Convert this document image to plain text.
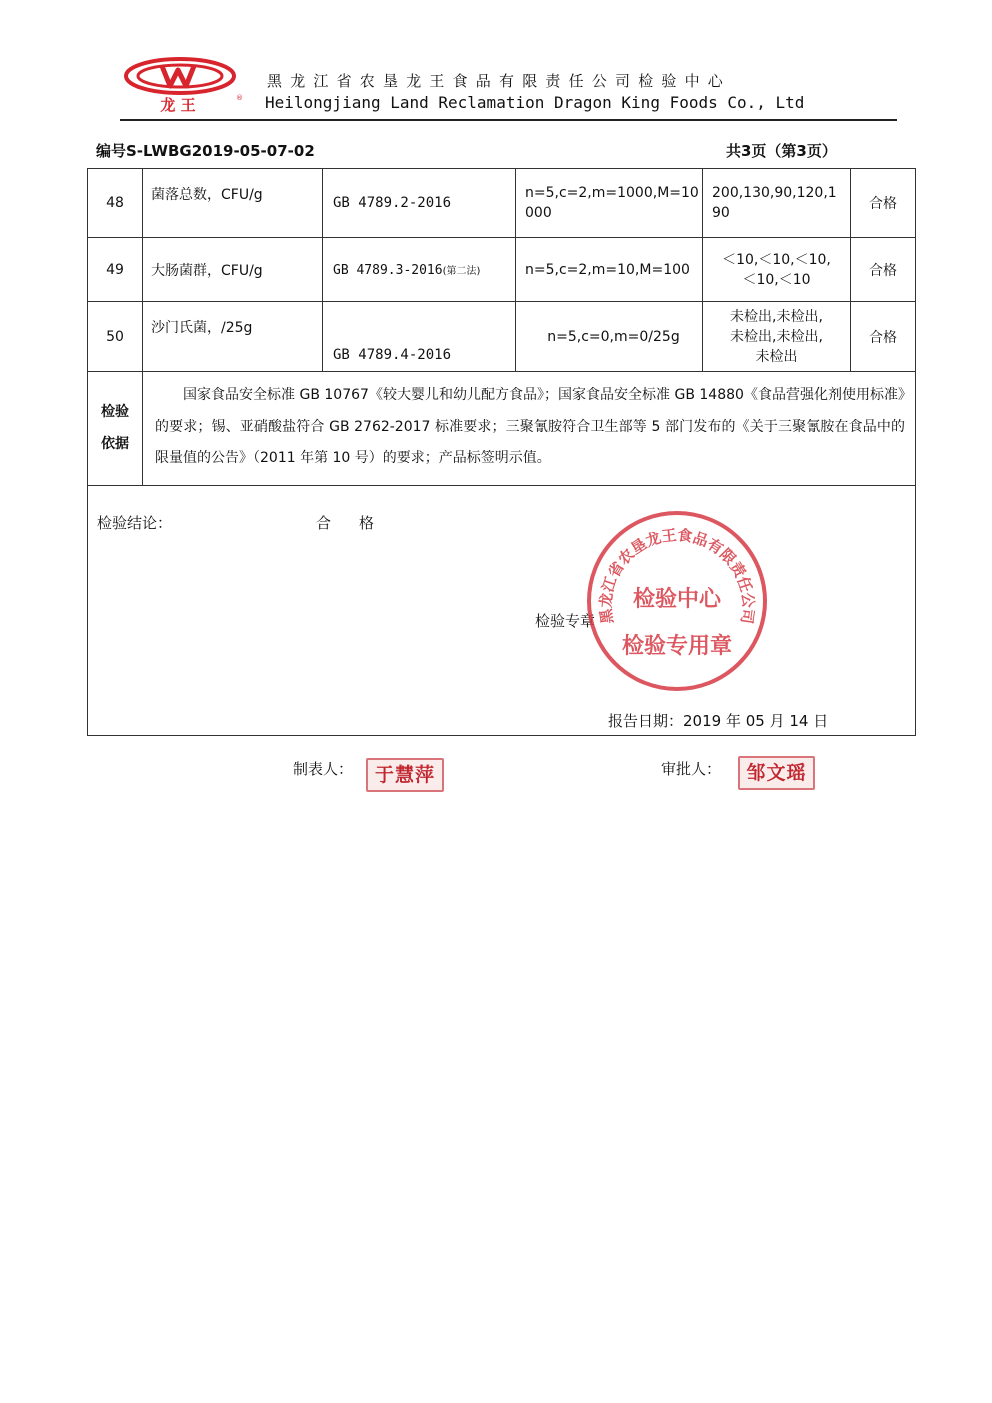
龙 王	®
黑龙江省农垦龙王食品有限责任公司检验中心
Heilongjiang Land Reclamation Dragon King Foods Co., Ltd
编号S-LWBG2019-05-07-02	共3页（第3页）
48	菌落总数，CFU/g	GB 4789.2-2016	n=5,c=2,m=1000,M=10000	200,130,90,120,190	合格
49	大肠菌群，CFU/g	GB 4789.3-2016(第二法)	n=5,c=2,m=10,M=100	＜10,＜10,＜10,＜10,＜10	合格
50	沙门氏菌，/25g	GB 4789.4-2016	n=5,c=0,m=0/25g	未检出,未检出,未检出,未检出,未检出	合格
检验依据	国家食品安全标准 GB 10767《较大婴儿和幼儿配方食品》；国家食品安全标准 GB 14880《食品营强化剂使用标准》的要求；锡、亚硝酸盐符合 GB 2762-2017 标准要求；三聚氰胺符合卫生部等 5 部门发布的《关于三聚氰胺在食品中的限量值的公告》（2011 年第 10 号）的要求；产品标签明示值。				

检验结论： 合格
检验专章
报告日期：2019 年 05 月 14 日					
黑龙江省农垦龙王食品有限责任公司
检验中心
检验专用章
制表人：	于慧萍	审批人：	邹文瑶
